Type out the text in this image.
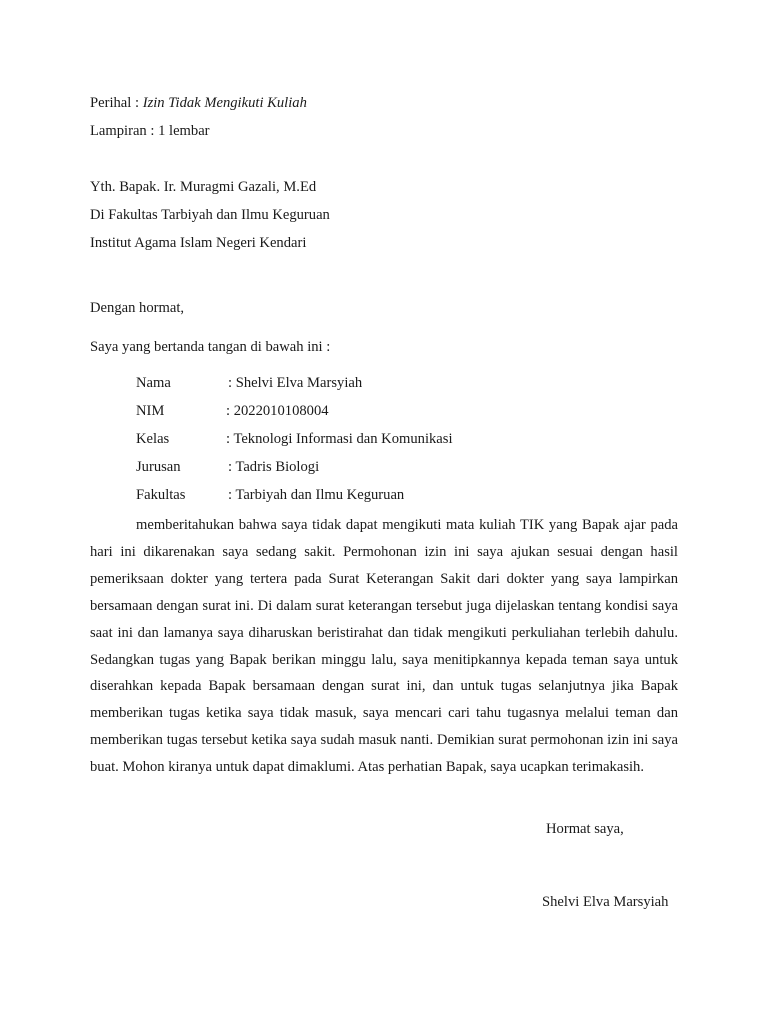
Perihal : Izin Tidak Mengikuti Kuliah
Lampiran : 1 lembar
Yth. Bapak. Ir. Muragmi Gazali, M.Ed
Di Fakultas Tarbiyah dan Ilmu Keguruan
Institut Agama Islam Negeri Kendari
Dengan hormat,
Saya yang bertanda tangan di bawah ini :
Nama	: Shelvi Elva Marsyiah
NIM	: 2022010108004
Kelas	: Teknologi Informasi dan Komunikasi
Jurusan	: Tadris Biologi
Fakultas	: Tarbiyah dan Ilmu Keguruan
memberitahukan bahwa saya tidak dapat mengikuti mata kuliah TIK yang Bapak ajar pada hari ini dikarenakan saya sedang sakit. Permohonan izin ini saya ajukan sesuai dengan hasil pemeriksaan dokter yang tertera pada Surat Keterangan Sakit dari dokter yang saya lampirkan bersamaan dengan surat ini. Di dalam surat keterangan tersebut juga dijelaskan tentang kondisi saya saat ini dan lamanya saya diharuskan beristirahat dan tidak mengikuti perkuliahan terlebih dahulu. Sedangkan tugas yang Bapak berikan minggu lalu, saya menitipkannya kepada teman saya untuk diserahkan kepada Bapak bersamaan dengan surat ini, dan untuk tugas selanjutnya jika Bapak memberikan tugas ketika saya tidak masuk, saya mencari cari tahu tugasnya melalui teman dan memberikan tugas tersebut ketika saya sudah masuk nanti. Demikian surat permohonan izin ini saya buat. Mohon kiranya untuk dapat dimaklumi. Atas perhatian Bapak, saya ucapkan terimakasih.
Hormat saya,
Shelvi Elva Marsyiah
